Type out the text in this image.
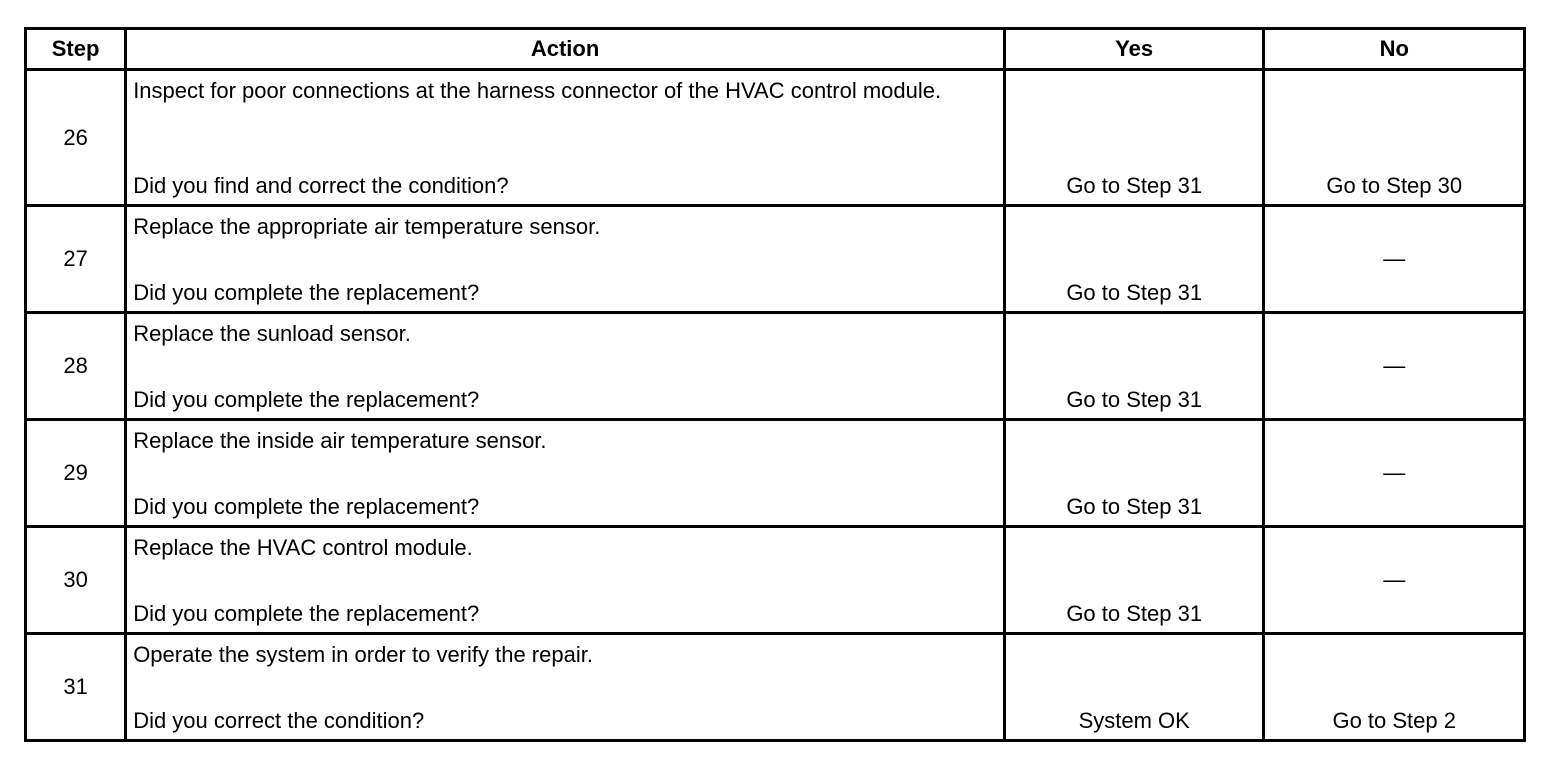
Step	Action	Yes	No
26	Inspect for poor connections at the harness connector of the HVAC control module.
Did you find and correct the condition?	Go to Step 31	Go to Step 30

27	Replace the appropriate air temperature sensor.
Did you complete the replacement?	Go to Step 31	—

28	Replace the sunload sensor.
Did you complete the replacement?	Go to Step 31	—

29	Replace the inside air temperature sensor.
Did you complete the replacement?	Go to Step 31	—

30	Replace the HVAC control module.
Did you complete the replacement?	Go to Step 31	—

31	Operate the system in order to verify the repair.
Did you correct the condition?	System OK	Go to Step 2
